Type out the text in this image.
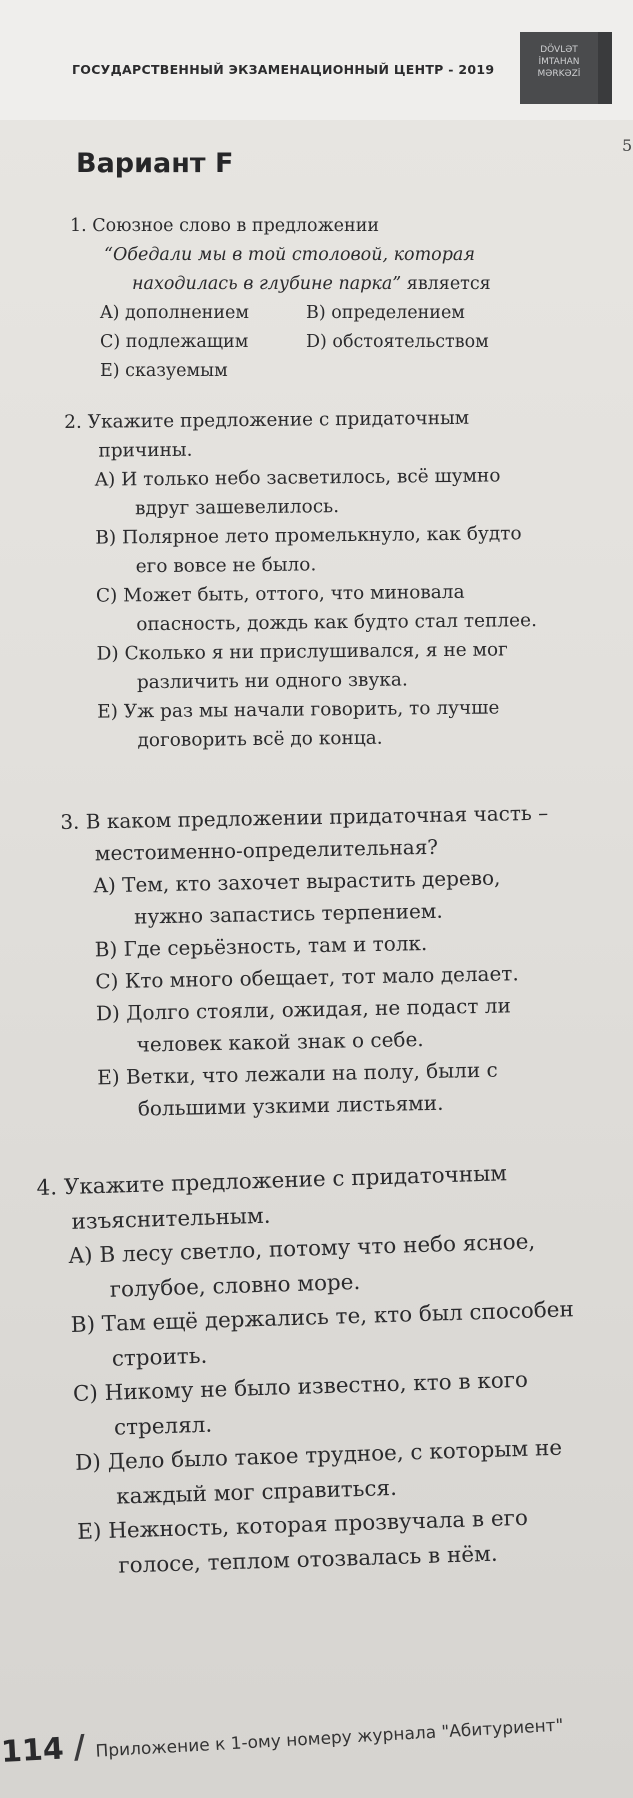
ГОСУДАРСТВЕННЫЙ ЭКЗАМЕНАЦИОННЫЙ ЦЕНТР - 2019
DÖVLƏT
İMTAHAN
MƏRKƏZİ
5
Вариант F
1. Союзное слово в предложении
“Обедали мы в той столовой, которая
находилась в глубине парка” является
A) дополнением	B) определением
C) подлежащим	D) обстоятельством
E) сказуемым
2. Укажите предложение с придаточным
причины.
A) И только небо засветилось, всё шумно
вдруг зашевелилось.
B) Полярное лето промелькнуло, как будто
его вовсе не было.
C) Может быть, оттого, что миновала
опасность, дождь как будто стал теплее.
D) Сколько я ни прислушивался, я не мог
различить ни одного звука.
E) Уж раз мы начали говорить, то лучше
договорить всё до конца.
3. В каком предложении придаточная часть –
местоименно-определительная?
A) Тем, кто захочет вырастить дерево,
нужно запастись терпением.
B) Где серьёзность, там и толк.
C) Кто много обещает, тот мало делает.
D) Долго стояли, ожидая, не подаст ли
человек какой знак о себе.
E) Ветки, что лежали на полу, были с
большими узкими листьями.
4. Укажите предложение с придаточным
изъяснительным.
A) В лесу светло, потому что небо ясное,
голубое, словно море.
B) Там ещё держались те, кто был способен
строить.
C) Никому не было известно, кто в кого
стрелял.
D) Дело было такое трудное, с которым не
каждый мог справиться.
E) Нежность, которая прозвучала в его
голосе, теплом отозвалась в нём.
114 / Приложение к 1-ому номеру журнала "Абитуриент"
